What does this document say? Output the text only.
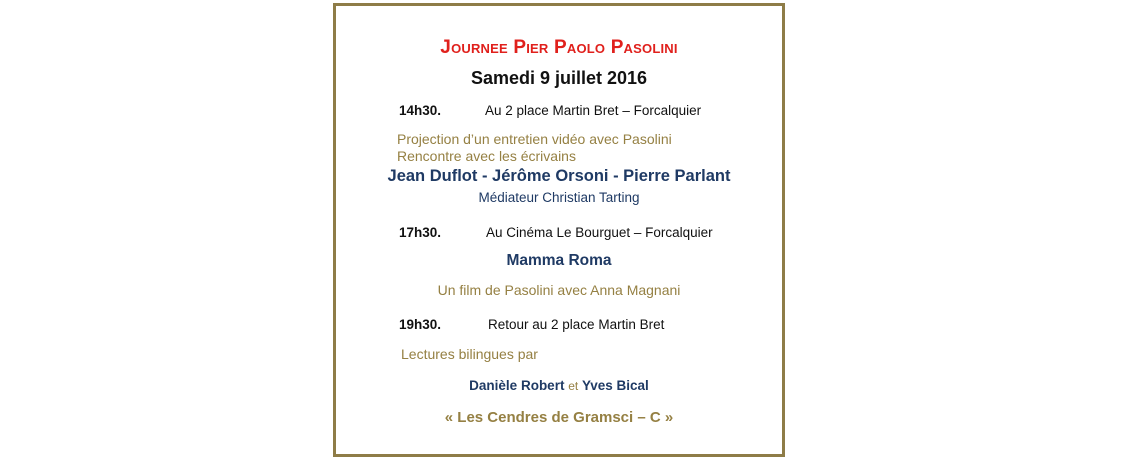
Journee Pier Paolo Pasolini
Samedi 9 juillet 2016
14h30.	Au 2 place Martin Bret – Forcalquier
Projection d’un entretien vidéo avec Pasolini
Rencontre avec les écrivains
Jean Duflot - Jérôme Orsoni - Pierre Parlant
Médiateur Christian Tarting
17h30.	Au Cinéma Le Bourguet – Forcalquier
Mamma Roma
Un film de Pasolini avec Anna Magnani
19h30.	Retour au 2 place Martin Bret
Lectures bilingues par
Danièle Robert et Yves Bical
« Les Cendres de Gramsci – C »
